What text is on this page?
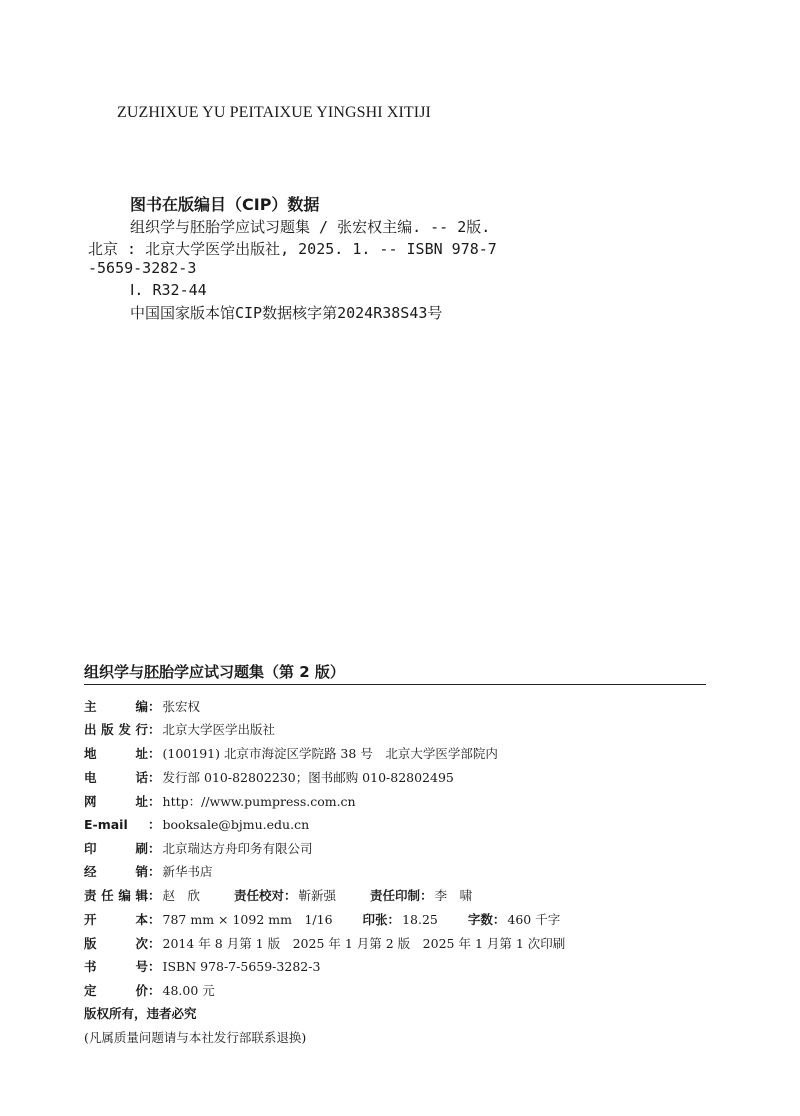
ZUZHIXUE YU PEITAIXUE YINGSHI XITIJI
图书在版编目（CIP）数据
组织学与胚胎学应试习题集 / 张宏权主编. -- 2版.
北京 : 北京大学医学出版社, 2025. 1. -- ISBN 978-7
-5659-3282-3
Ⅰ. R32-44
中国国家版本馆CIP数据核字第2024R38S43号
组织学与胚胎学应试习题集（第 2 版）
主编： 张宏权
出版发行： 北京大学医学出版社
地址： (100191) 北京市海淀区学院路 38 号　北京大学医学部院内
电话： 发行部 010-82802230；图书邮购 010-82802495
网址： http：//www.pumpress.com.cn
E-mail ： booksale@bjmu.edu.cn
印刷： 北京瑞达方舟印务有限公司
经销： 新华书店
责任编辑： 赵　欣	责任校对： 靳新强	责任印制： 李　啸
开本： 787 mm × 1092 mm　1/16 印张： 18.25 字数： 460 千字
版次： 2014 年 8 月第 1 版　2025 年 1 月第 2 版　2025 年 1 月第 1 次印刷
书号： ISBN 978-7-5659-3282-3
定价： 48.00 元
版权所有，违者必究
(凡属质量问题请与本社发行部联系退换)
